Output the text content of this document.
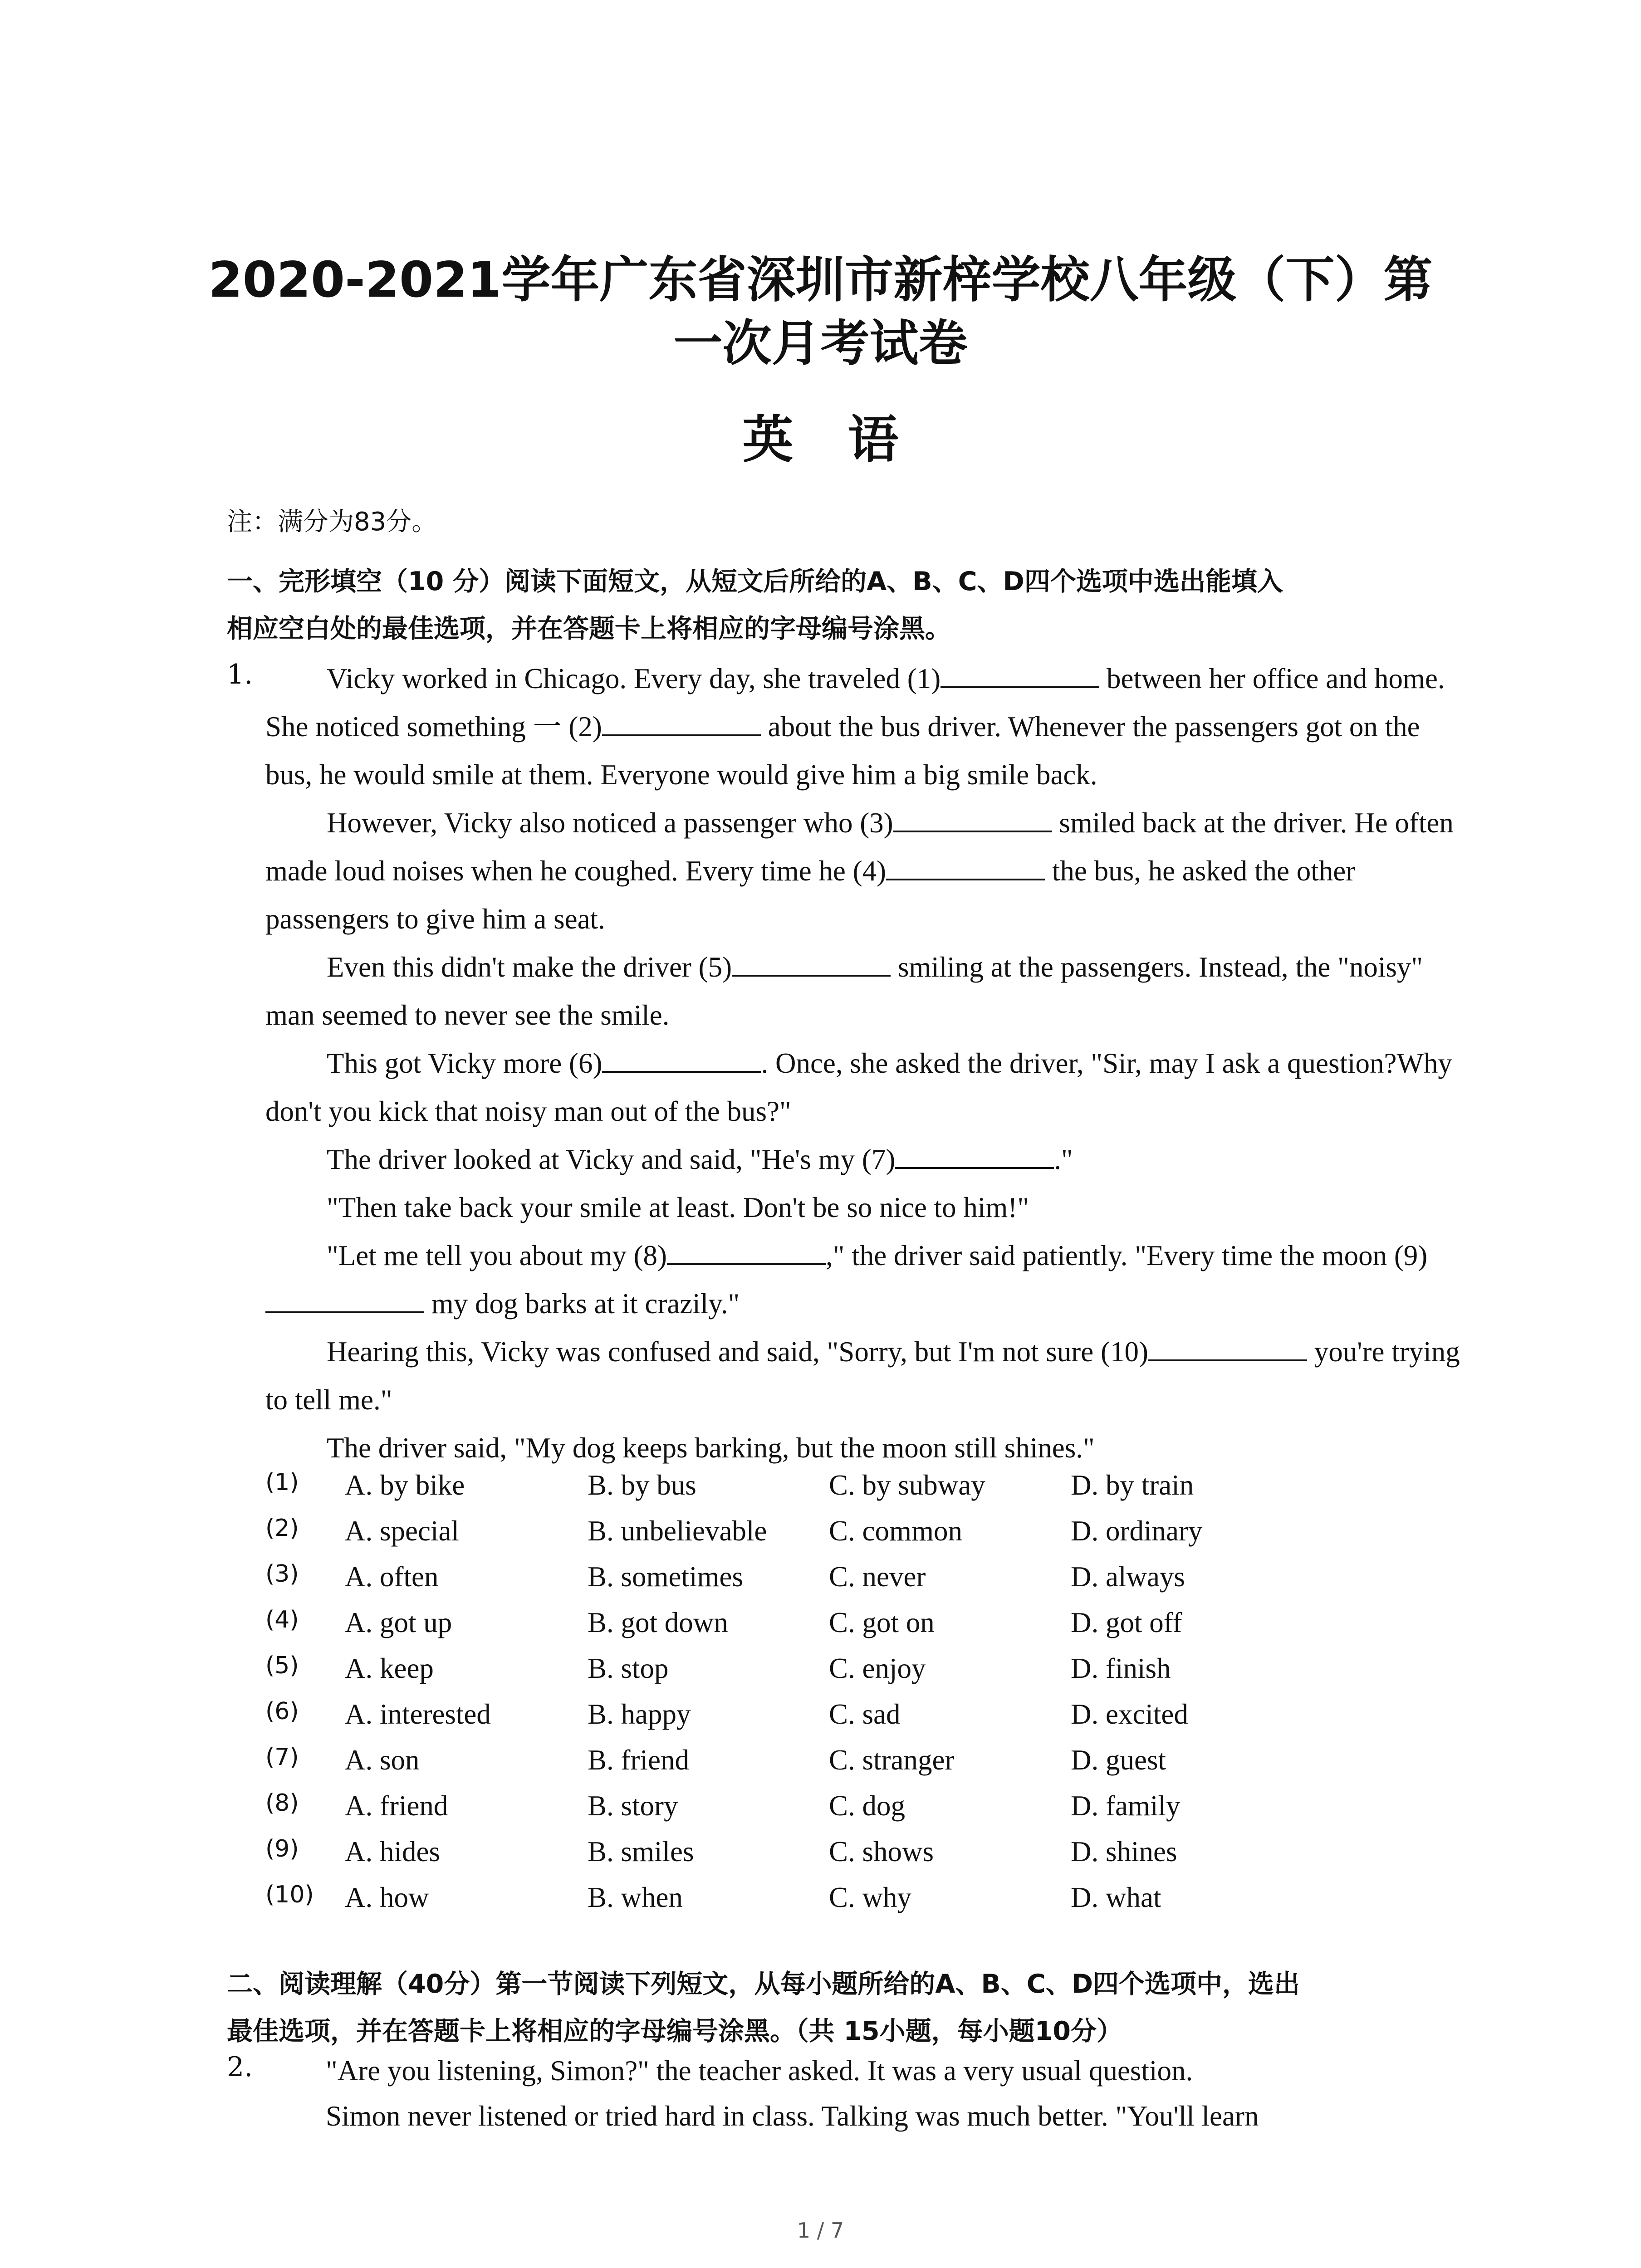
2020-2021学年广东省深圳市新梓学校八年级（下）第
一次月考试卷
英语
注：满分为83分。
一、完形填空（10 分）阅读下面短文，从短文后所给的A、B、C、D四个选项中选出能填入
相应空白处的最佳选项，并在答题卡上将相应的字母编号涂黑。
1.	Vicky worked in Chicago. Every day, she traveled (1)	between her office and home. She noticed something 一 (2)	about the bus driver. Whenever the passengers got on the bus, he would smile at them. Everyone would give him a big smile back.

However, Vicky also noticed a passenger who (3)	smiled back at the driver. He often made loud noises when he coughed. Every time he (4)	the bus, he asked the other passengers to give him a seat.

Even this didn't make the driver (5)	smiling at the passengers. Instead, the "noisy" man seemed to never see the smile.

This got Vicky more (6)	. Once, she asked the driver, "Sir, may I ask a question?Why don't you kick that noisy man out of the bus?"

The driver looked at Vicky and said, "He's my (7)	."

"Then take back your smile at least. Don't be so nice to him!"

"Let me tell you about my (8)	," the driver said patiently. "Every time the moon (9) my dog barks at it crazily."

Hearing this, Vicky was confused and said, "Sorry, but I'm not sure (10)	you're trying to tell me."

The driver said, "My dog keeps barking, but the moon still shines."

(1) A. by bike	B. by bus	C. by subway	D. by train
(2) A. special	B. unbelievable C. common	D. ordinary
(3) A. often	B. sometimes	C. never	D. always
(4) A. got up	B. got down	C. got on	D. got off
(5) A. keep	B. stop	C. enjoy	D. finish
(6) A. interested	B. happy	C. sad	D. excited
(7) A. son	B. friend	C. stranger	D. guest
(8) A. friend	B. story	C. dog	D. family
(9) A. hides	B. smiles	C. shows	D. shines
(10) A. how	B. when	C. why	D. what
二、阅读理解（40分）第一节阅读下列短文，从每小题所给的A、B、C、D四个选项中，选出
最佳选项，并在答题卡上将相应的字母编号涂黑。（共 15小题，每小题10分）
2.	"Are you listening, Simon?" the teacher asked. It was a very usual question.
Simon never listened or tried hard in class. Talking was much better. "You'll learn
1 / 7
